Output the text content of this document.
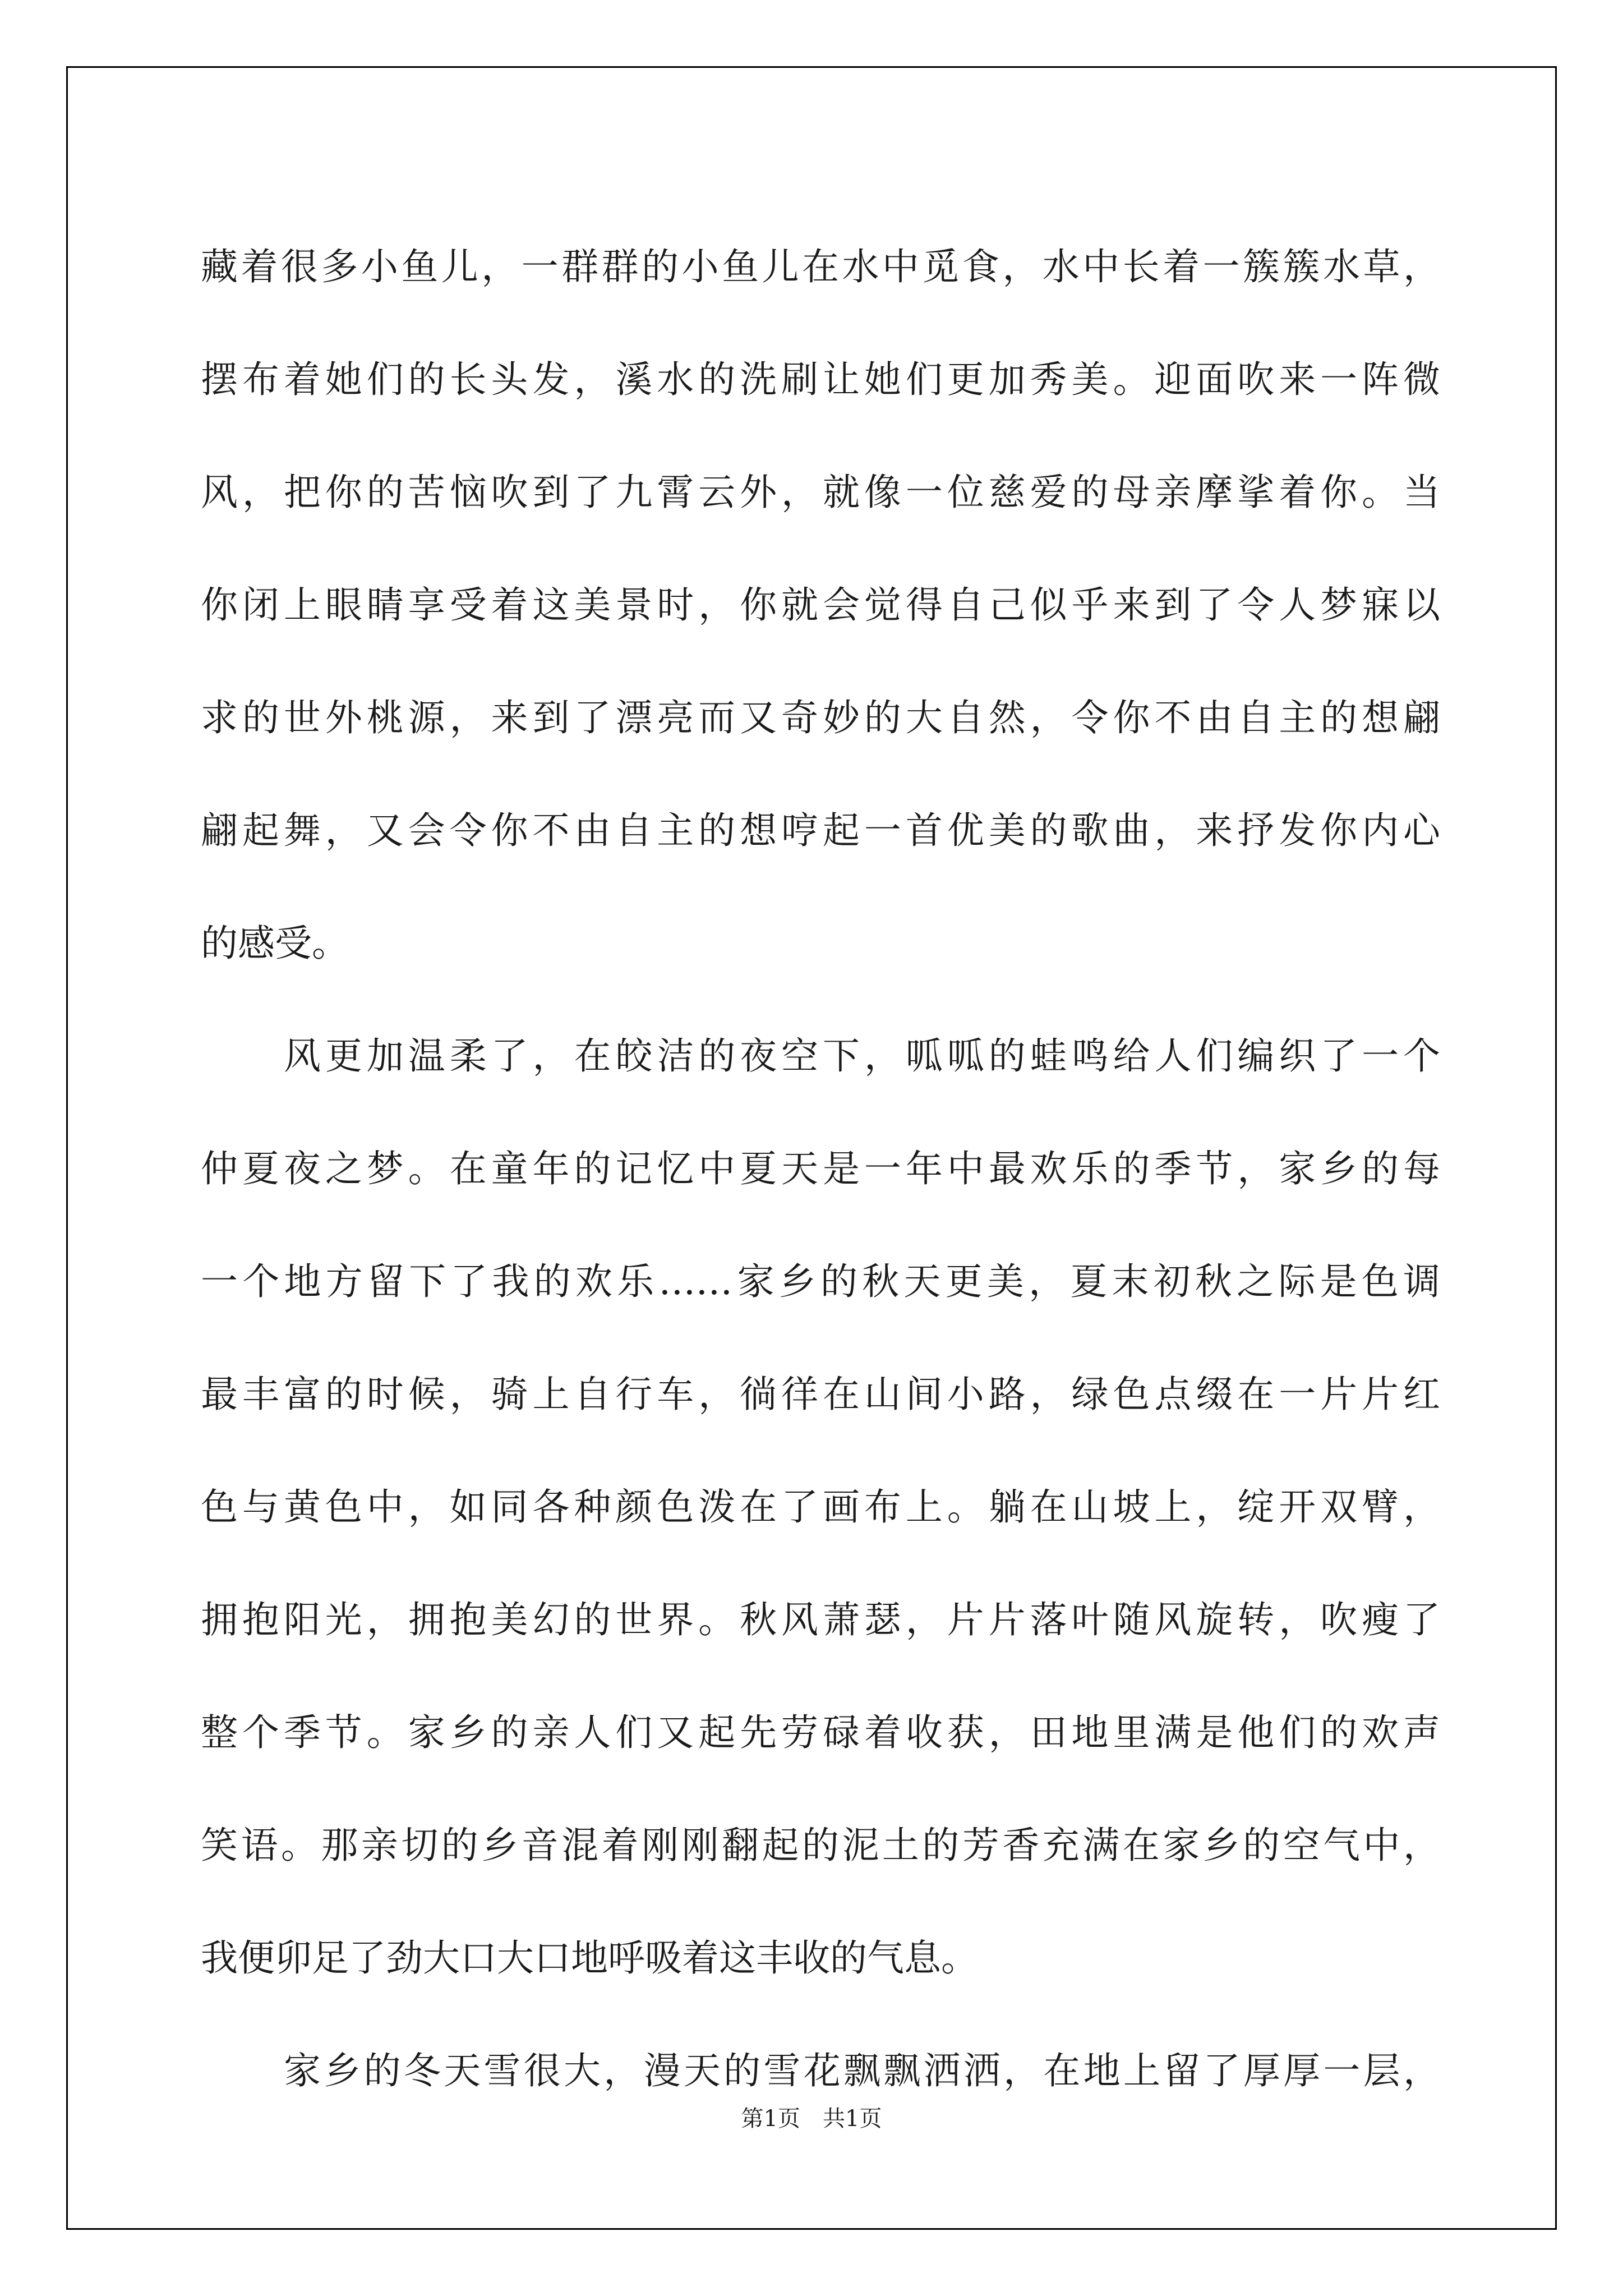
藏着很多小鱼儿，一群群的小鱼儿在水中觅食，水中长着一簇簇水草，
摆布着她们的长头发，溪水的洗刷让她们更加秀美。迎面吹来一阵微
风，把你的苦恼吹到了九霄云外，就像一位慈爱的母亲摩挲着你。当
你闭上眼睛享受着这美景时，你就会觉得自己似乎来到了令人梦寐以
求的世外桃源，来到了漂亮而又奇妙的大自然，令你不由自主的想翩
翩起舞，又会令你不由自主的想哼起一首优美的歌曲，来抒发你内心
的感受。
风更加温柔了，在皎洁的夜空下，呱呱的蛙鸣给人们编织了一个
仲夏夜之梦。在童年的记忆中夏天是一年中最欢乐的季节，家乡的每
一个地方留下了我的欢乐……家乡的秋天更美，夏末初秋之际是色调
最丰富的时候，骑上自行车，徜徉在山间小路，绿色点缀在一片片红
色与黄色中，如同各种颜色泼在了画布上。躺在山坡上，绽开双臂，
拥抱阳光，拥抱美幻的世界。秋风萧瑟，片片落叶随风旋转，吹瘦了
整个季节。家乡的亲人们又起先劳碌着收获，田地里满是他们的欢声
笑语。那亲切的乡音混着刚刚翻起的泥土的芳香充满在家乡的空气中，
我便卯足了劲大口大口地呼吸着这丰收的气息。
家乡的冬天雪很大，漫天的雪花飘飘洒洒，在地上留了厚厚一层，
第1页 共1页
